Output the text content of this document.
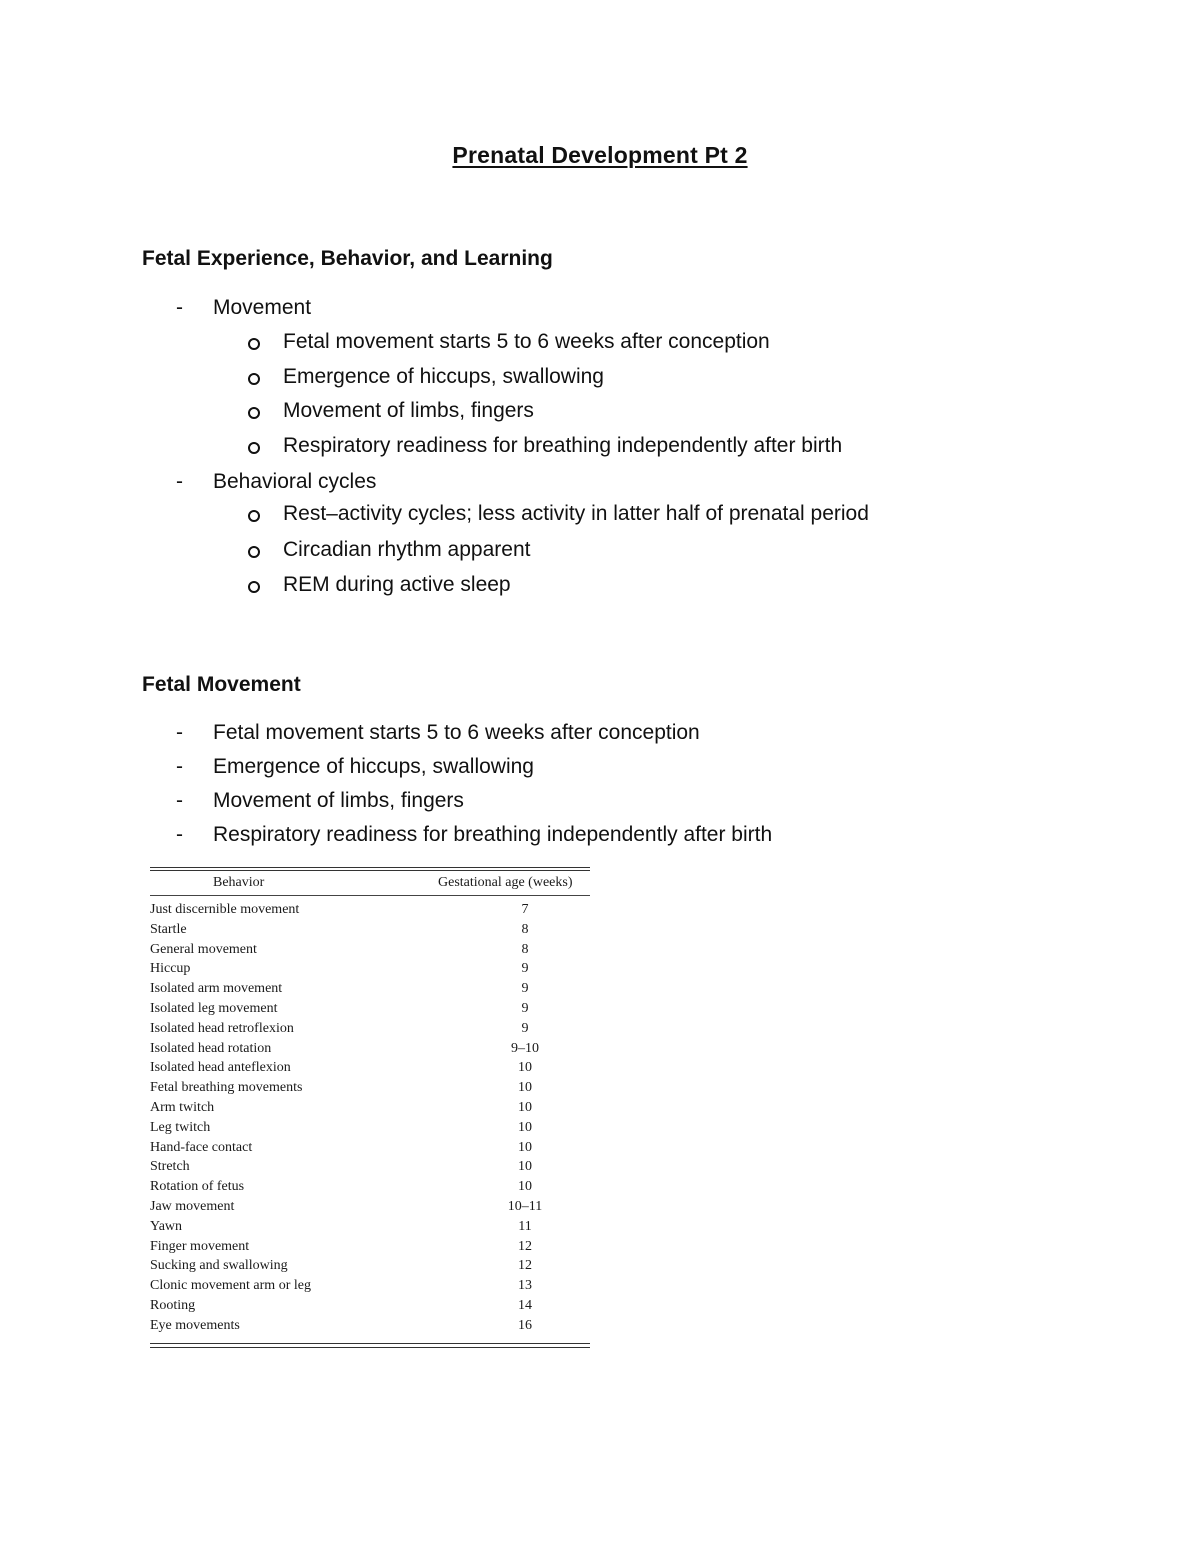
Prenatal Development Pt 2
Fetal Experience, Behavior, and Learning
- Movement
Fetal movement starts 5 to 6 weeks after conception
Emergence of hiccups, swallowing
Movement of limbs, fingers
Respiratory readiness for breathing independently after birth
- Behavioral cycles
Rest–activity cycles; less activity in latter half of prenatal period
Circadian rhythm apparent
REM during active sleep
Fetal Movement
- Fetal movement starts 5 to 6 weeks after conception
- Emergence of hiccups, swallowing
- Movement of limbs, fingers
- Respiratory readiness for breathing independently after birth
Behavior	Gestational age (weeks)
Just discernible movement	7
Startle	8
General movement	8
Hiccup	9
Isolated arm movement	9
Isolated leg movement	9
Isolated head retroflexion	9
Isolated head rotation	9–10
Isolated head anteflexion	10
Fetal breathing movements	10
Arm twitch	10
Leg twitch	10
Hand-face contact	10
Stretch	10
Rotation of fetus	10
Jaw movement	10–11
Yawn	11
Finger movement	12
Sucking and swallowing	12
Clonic movement arm or leg	13
Rooting	14
Eye movements	16
